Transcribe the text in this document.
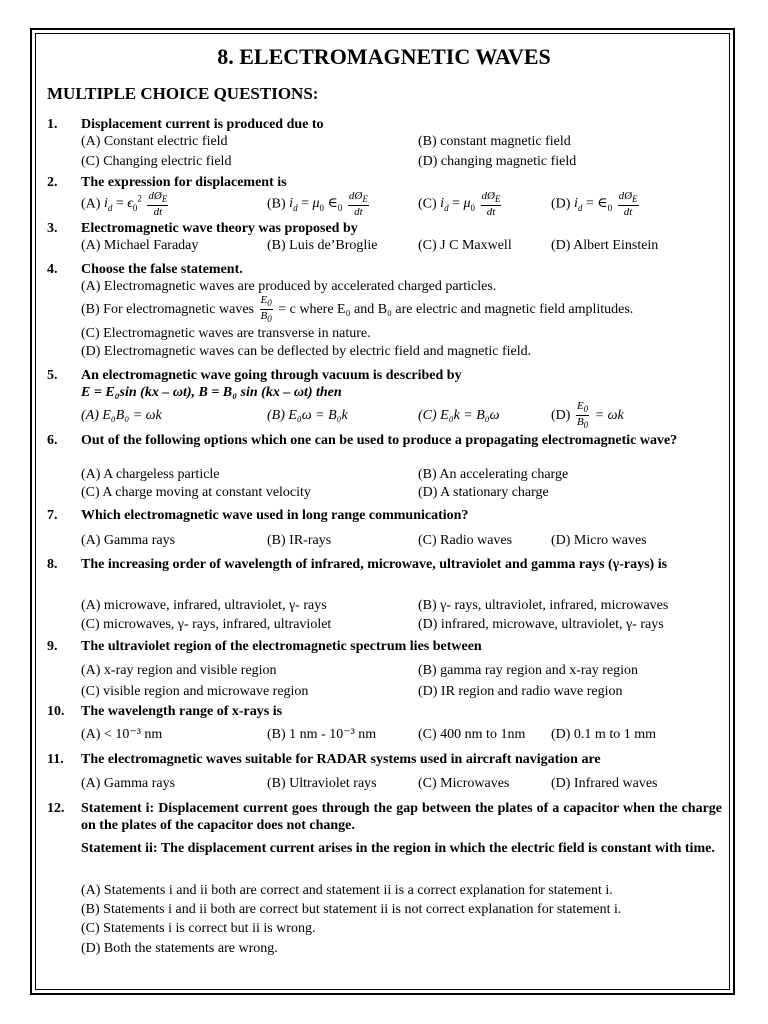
8. ELECTROMAGNETIC WAVES
MULTIPLE CHOICE QUESTIONS:
1. Displacement current is produced due to
(A) Constant electric field	(B) constant magnetic field
(C) Changing electric field	(D) changing magnetic field
2. The expression for displacement is
(A) $i_d = \epsilon_0^2 \frac{dØ_E}{dt}$	(B) $i_d = \mu_0$ $\in_0 \frac{dØ_E}{dt}$	(C) $i_d = \mu_0 \frac{dØ_E}{dt}$	(D) $i_d$ = $\in_0 \frac{dØ_E}{dt}$
3. Electromagnetic wave theory was proposed by
(A) Michael Faraday	(B) Luis de’Broglie	(C) J C Maxwell	(D) Albert Einstein
4. Choose the false statement.
(A) Electromagnetic waves are produced by accelerated charged particles.
(B) For electromagnetic waves $\frac{E_0}{B_0} = c$ where E₀ and B₀ are electric and magnetic field amplitudes.
(C) Electromagnetic waves are transverse in nature.
(D) Electromagnetic waves can be deflected by electric field and magnetic field.
5. An electromagnetic wave going through vacuum is described by
E = E₀sin (kx – ωt), B = B₀ sin (kx – ωt) then
(A) E₀B₀ = ωk	(B) E₀ω = B₀k	(C) E₀k = B₀ω	$(D) \frac{E_0}{B_0} = \omega k$
6. Out of the following options which one can be used to produce a propagating electromagnetic wave?
(A) A chargeless particle	(B) An accelerating charge
(C) A charge moving at constant velocity	(D) A stationary charge
7. Which electromagnetic wave used in long range communication?
(A) Gamma rays	(B) IR-rays	(C) Radio waves	(D) Micro waves
8. The increasing order of wavelength of infrared, microwave, ultraviolet and gamma rays (γ-rays) is
(A) microwave, infrared, ultraviolet, γ- rays	(B) γ- rays, ultraviolet, infrared, microwaves
(C) microwaves, γ- rays, infrared, ultraviolet	(D) infrared, microwave, ultraviolet, γ- rays
9. The ultraviolet region of the electromagnetic spectrum lies between
(A) x-ray region and visible region	(B) gamma ray region and x-ray region
(C) visible region and microwave region	(D) IR region and radio wave region
10. The wavelength range of x-rays is
(A) < 10⁻³ nm	(B) 1 nm - 10⁻³ nm	(C) 400 nm to 1nm (D) 0.1 m to 1 mm
11. The electromagnetic waves suitable for RADAR systems used in aircraft navigation are
(A) Gamma rays	(B) Ultraviolet rays	(C) Microwaves	(D) Infrared waves
12. Statement i: Displacement current goes through the gap between the plates of a capacitor when the charge on the plates of the capacitor does not change.
Statement ii: The displacement current arises in the region in which the electric field is constant with time.
(A) Statements i and ii both are correct and statement ii is a correct explanation for statement i.
(B) Statements i and ii both are correct but statement ii is not correct explanation for statement i.
(C) Statements i is correct but ii is wrong.
(D) Both the statements are wrong.
